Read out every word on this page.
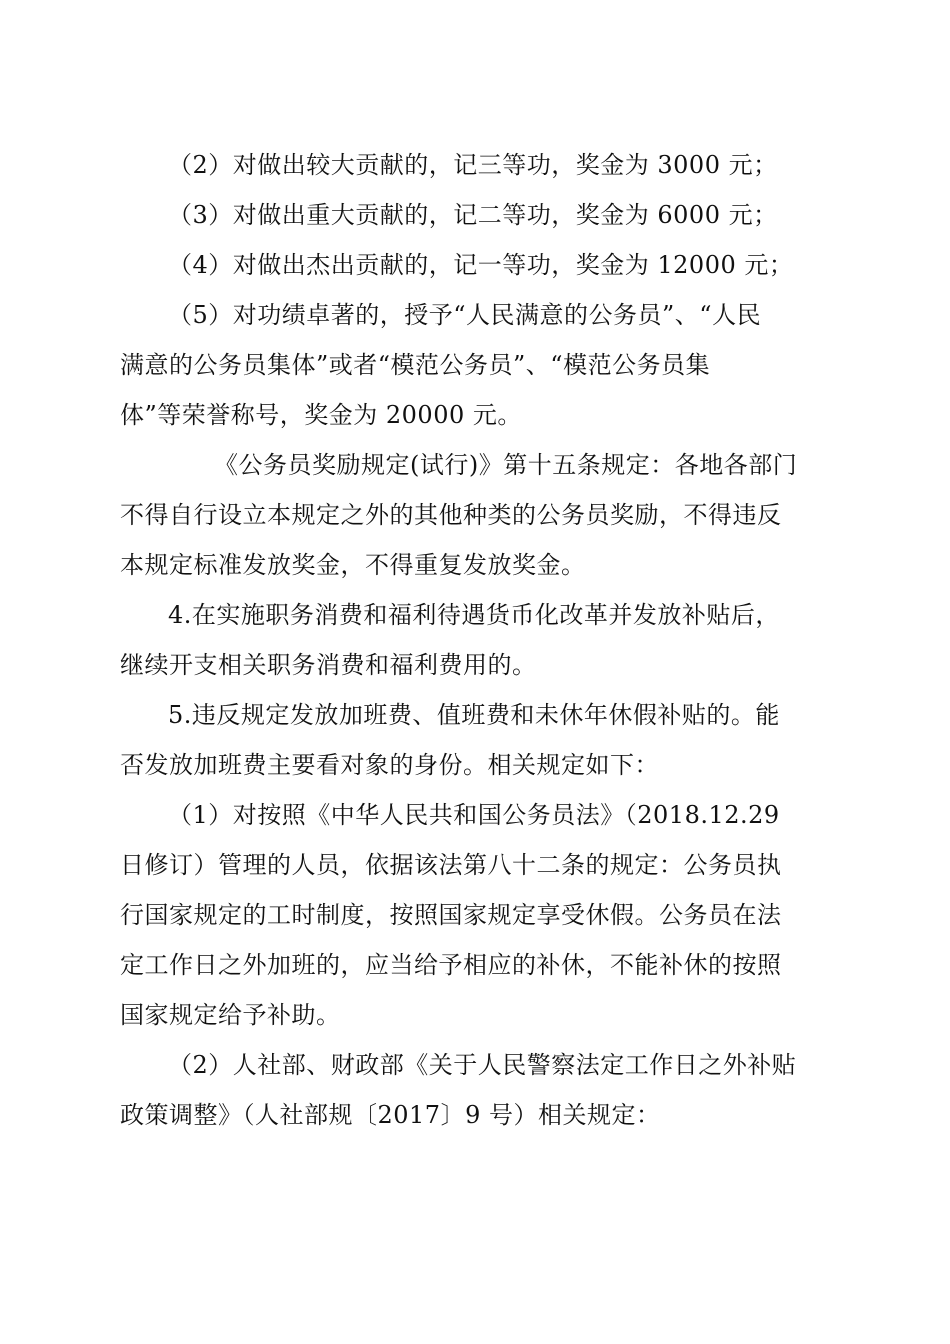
（2）对做出较大贡献的，记三等功，奖金为 3000 元；
（3）对做出重大贡献的，记二等功，奖金为 6000 元；
（4）对做出杰出贡献的，记一等功，奖金为 12000 元；
（5）对功绩卓著的，授予“人民满意的公务员”、“人民
满意的公务员集体”或者“模范公务员”、“模范公务员集
体”等荣誉称号，奖金为 20000 元。
《公务员奖励规定(试行)》第十五条规定：各地各部门
不得自行设立本规定之外的其他种类的公务员奖励，不得违反
本规定标准发放奖金，不得重复发放奖金。
4.在实施职务消费和福利待遇货币化改革并发放补贴后，
继续开支相关职务消费和福利费用的。
5.违反规定发放加班费、值班费和未休年休假补贴的。能
否发放加班费主要看对象的身份。相关规定如下：
（1）对按照《中华人民共和国公务员法》（2018.12.29
日修订）管理的人员，依据该法第八十二条的规定：公务员执
行国家规定的工时制度，按照国家规定享受休假。公务员在法
定工作日之外加班的，应当给予相应的补休，不能补休的按照
国家规定给予补助。
（2）人社部、财政部《关于人民警察法定工作日之外补贴
政策调整》（人社部规〔2017〕9 号）相关规定：
